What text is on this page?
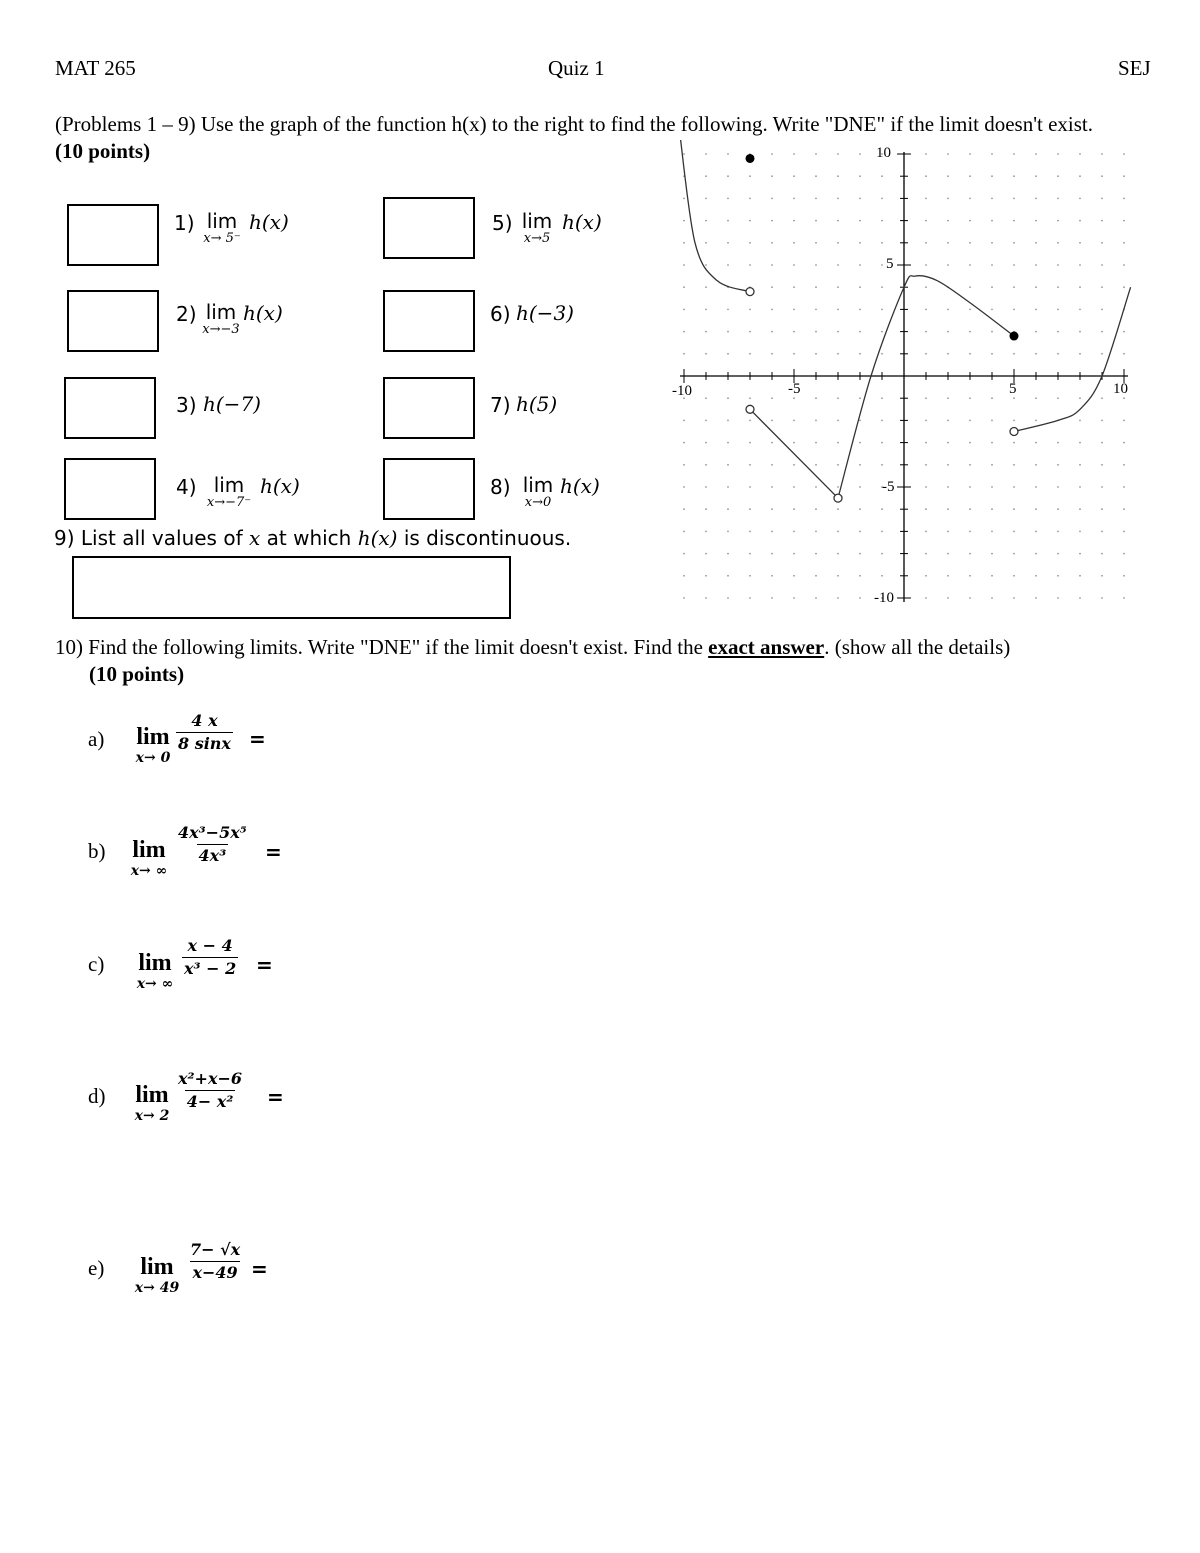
MAT 265	Quiz 1	SEJ
(Problems 1 – 9) Use the graph of the function h(x) to the right to find the following. Write "DNE" if the limit doesn't exist. (10 points)
1) lim
x→ 5⁻
h(x)
2) lim
x→−3
h(x)
3) h(−7)
4) lim
x→−7⁻
h(x)
5) lim
x→5
h(x)
6) h(−3)
7) h(5)
8) lim
x→0
h(x)
9) List all values of x at which h(x) is discontinuous.
10
5
-5
-10
-10	-5	5	10
10) Find the following limits. Write "DNE" if the limit doesn't exist. Find the exact answer. (show all the details)
(10 points)
a)	lim
x→ 0
$\frac{4 x}{8 \sin x}$ =
b)	lim
x→ ∞
$\frac{\text{4x³−5x⁵}}{\text{4x³}}$ =
c)	lim
x→ ∞
$\frac{x - 4}{\text{x³ − 2}}$ =
d)	lim
x→ 2
$\frac{\text{x²+x−6}}{\text{4− x²}}$ =
e)	lim
x→ 49
$\frac{7- √x}{x-49}$ =
